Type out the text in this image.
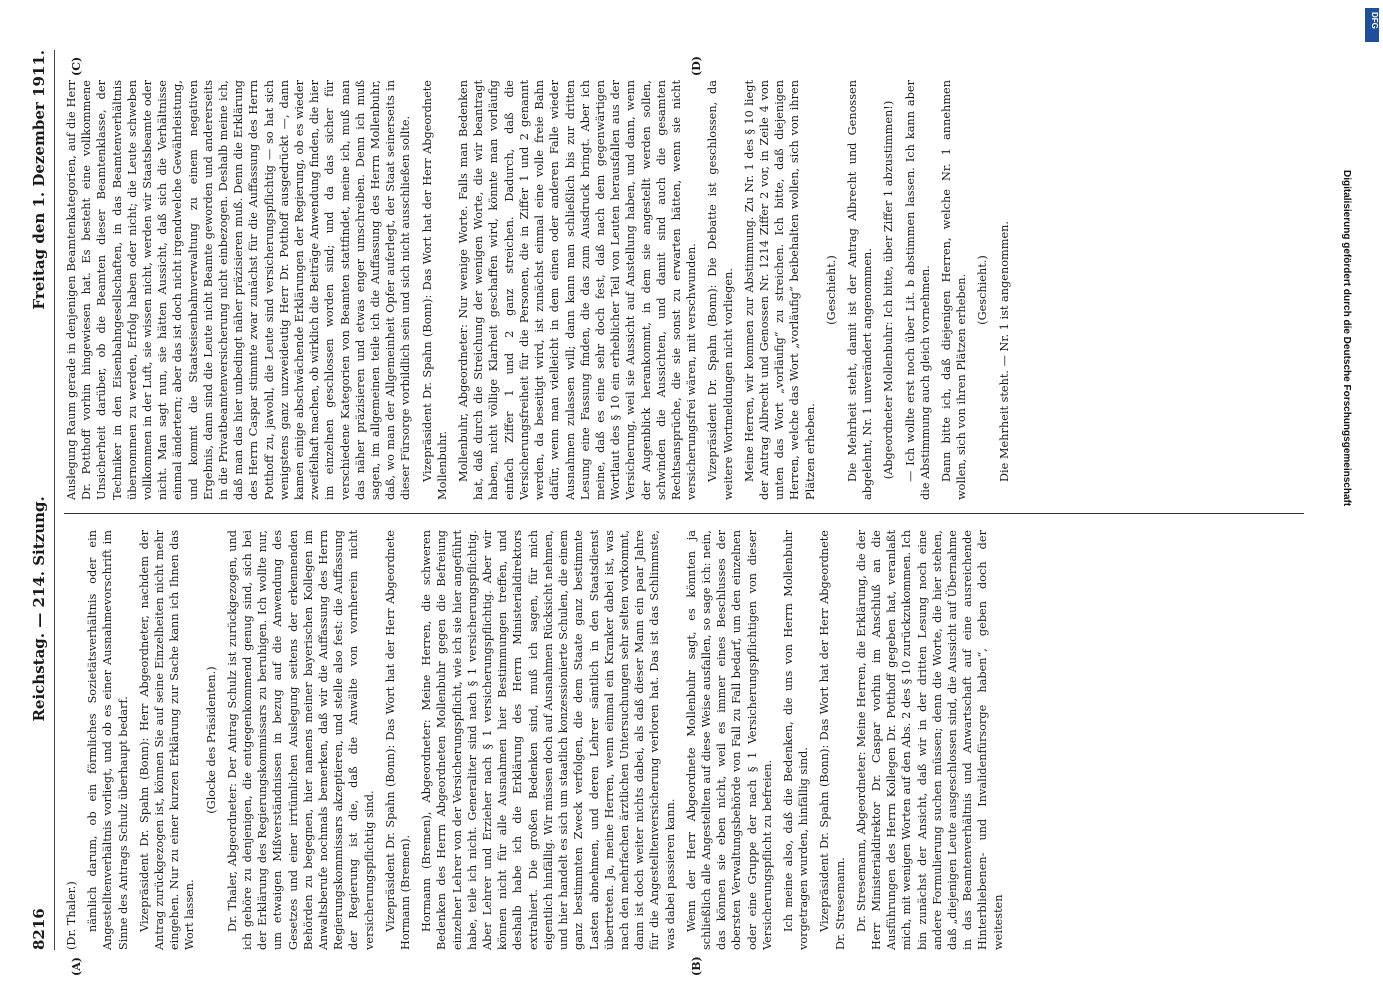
8216
Reichstag. — 214. Sitzung.
Freitag den 1. Dezember 1911.

(Dr. Thaler.) nämlich darum, ob ein förmliches Sozietätsverhältnis oder ein Angestelltenverhältnis vorliegt, und ob es einer Ausnahmevorschrift im Sinne des Antrags Schulz überhaupt bedarf. Vizepräsident Dr. Spahn (Bonn): Herr Abgeordneter, nachdem der Antrag zurückgezogen ist, können Sie auf seine Einzelheiten nicht mehr eingehen. Nur zu einer kurzen Erklärung zur Sache kann ich Ihnen das Wort lassen.

(Glocke des Präsidenten.) Dr. Thaler, Abgeordneter: Der Antrag Schulz ist zurückgezogen, und ich gehöre zu denjenigen, die entgegenkommend genug sind, sich bei der Erklärung des Regierungskommissars zu beruhigen. Ich wollte nur, um etwaigen Mißverständnissen in bezug auf die Anwendung des Gesetzes und einer irrtümlichen Auslegung seitens der erkennenden Behörden zu begegnen, hier namens meiner bayerischen Kollegen im Anwaltsberufe nochmals bemerken, daß wir die Auffassung des Herrn Regierungskommissars akzeptieren, und stelle also fest: die Auffassung der Regierung ist die, daß die Anwälte von vornherein nicht versicherungspflichtig sind. Vizepräsident Dr. Spahn (Bonn): Das Wort hat der Herr Abgeordnete Hormann (Bremen). Hormann (Bremen), Abgeordneter: Meine Herren, die schweren Bedenken des Herrn Abgeordneten Mollenbuhr gegen die Befreiung einzelner Lehrer von der Versicherungspflicht, wie ich sie hier angeführt habe, teile ich nicht. Generaliter sind nach § 1 versicherungspflichtig. Aber Lehrer und Erzieher nach § 1 versicherungspflichtig. Aber wir können nicht für alle Ausnahmen hier Bestimmungen treffen, und deshalb habe ich die Erklärung des Herrn Ministerialdirektors extrahiert. Die großen Bedenken sind, muß ich sagen, für mich eigentlich hinfällig. Wir müssen doch auf Ausnahmen Rücksicht nehmen, und hier handelt es sich um staatlich konzessionierte Schulen, die einem ganz bestimmten Zweck verfolgen, die dem Staate ganz bestimmte Lasten abnehmen, und deren Lehrer sämtlich in den Staatsdienst übertreten. Ja, meine Herren, wenn einmal ein Kranker dabei ist, was nach den mehrfachen ärztlichen Untersuchungen sehr selten vorkommt, dann ist doch weiter nichts dabei, als daß dieser Mann ein paar Jahre für die Angestelltenversicherung verloren hat. Das ist das Schlimmste, was dabei passieren kann. Wenn der Herr Abgeordnete Mollenbuhr sagt, es könnten ja schließlich alle Angestellten auf diese Weise ausfallen, so sage ich: nein, das können sie eben nicht, weil es immer eines Beschlusses der obersten Verwaltungsbehörde von Fall zu Fall bedarf, um den einzelnen oder eine Gruppe der nach § 1 Versicherungspflichtigen von dieser Versicherungspflicht zu befreien. Ich meine also, daß die Bedenken, die uns von Herrn Mollenbuhr vorgetragen wurden, hinfällig sind. Vizepräsident Dr. Spahn (Bonn): Das Wort hat der Herr Abgeordnete Dr. Stresemann. Dr. Stresemann, Abgeordneter: Meine Herren, die Erklärung, die der Herr Ministerialdirektor Dr. Caspar vorhin im Anschluß an die Ausführungen des Herrn Kollegen Dr. Potthoff gegeben hat, veranlaßt mich, mit wenigen Worten auf den Abs. 2 des § 10 zurückzukommen. Ich bin zunächst der Ansicht, daß wir in der dritten Lesung noch eine andere Formulierung suchen müssen; denn die Worte, die hier stehen, daß „diejenigen Leute ausgeschlossen sind, die Aussicht auf Übernahme in das Beamtenverhältnis und Anwartschaft auf eine ausreichende Hinterbliebenen- und Invalidenfürsorge haben“, geben doch der weitesten

Auslegung Raum gerade in denjenigen Beamtenkategorien, auf die Herr Dr. Potthoff vorhin hingewiesen hat. Es besteht eine vollkommene Unsicherheit darüber, ob die Beamten dieser Beamtenklasse, der Techniker in den Eisenbahngesellschaften, in das Beamtenverhältnis übernommen zu werden, Erfolg haben oder nicht; die Leute schweben vollkommen in der Luft, sie wissen nicht, werden wir Staatsbeamte oder nicht. Man sagt nun, sie hätten Aussicht, daß sich die Verhältnisse einmal ändertern; aber das ist doch nicht irgendwelche Gewährleistung, und kommt die Staatseisenbahnverwaltung zu einem negativen Ergebnis, dann sind die Leute nicht Beamte geworden und andererseits in die Privatbeamtenversicherung nicht einbezogen. Deshalb meine ich, daß man das hier unbedingt näher präzisieren muß. Denn die Erklärung des Herrn Caspar stimmte zwar zunächst für die Auffassung des Herrn Potthoff zu, jawohl, die Leute sind versicherungspflichtig — so hat sich wenigstens ganz unzweideutig Herr Dr. Potthoff ausgedrückt —, dann kamen einige abschwächende Erklärungen der Regierung, ob es wieder zweifelhaft machen, ob wirklich die Beiträge Anwendung finden, die hier im einzelnen geschlossen worden sind; und da das sicher für verschiedene Kategorien von Beamten stattfindet, meine ich, muß man das näher präzisieren und etwas enger umschreiben. Denn ich muß sagen, im allgemeinen teile ich die Auffassung des Herrn Mollenbuhr, daß, wo man der Allgemeinheit Opfer auferlegt, der Staat seinerseits in dieser Fürsorge vorbildlich sein und sich nicht ausschließen sollte. Vizepräsident Dr. Spahn (Bonn): Das Wort hat der Herr Abgeordnete Mollenbuhr. Mollenbuhr, Abgeordneter: Nur wenige Worte. Falls man Bedenken hat, daß durch die Streichung der wenigen Worte, die wir beantragt haben, nicht völlige Klarheit geschaffen wird, könnte man vorläufig einfach Ziffer 1 und 2 ganz streichen. Dadurch, daß die Versicherungsfreiheit für die Personen, die in Ziffer 1 und 2 genannt werden, da beseitigt wird, ist zunächst einmal eine volle freie Bahn dafür, wenn man vielleicht in dem einen oder anderen Falle wieder Ausnahmen zulassen will; dann kann man schließlich bis zur dritten Lesung eine Fassung finden, die das zum Ausdruck bringt. Aber ich meine, daß es eine sehr doch fest, daß nach dem gegenwärtigen Wortlaut des § 10 ein erheblicher Teil von Leuten herausfallen aus der Versicherung, weil sie Aussicht auf Anstellung haben, und dann, wenn der Augenblick herankommt, in dem sie angestellt werden sollen, schwinden die Aussichten, und damit sind auch die gesamten Rechtsansprüche, die sie sonst zu erwarten hätten, wenn sie nicht versicherungsfrei wären, mit verschwunden. Vizepräsident Dr. Spahn (Bonn): Die Debatte ist geschlossen, da weitere Wortmeldungen nicht vorliegen. Meine Herren, wir kommen zur Abstimmung. Zu Nr. 1 des § 10 liegt der Antrag Albrecht und Genossen Nr. 1214 Ziffer 2 vor, in Zeile 4 von unten das Wort „vorläufig“ zu streichen. Ich bitte, daß diejenigen Herren, welche das Wort „vorläufig“ beibehalten wollen, sich von ihren Plätzen erheben.

(Geschieht.) Die Mehrheit steht, damit ist der Antrag Albrecht und Genossen abgelehnt, Nr. 1 unverändert angenommen. (Abgeordneter Mollenbuhr: Ich bitte, über Ziffer 1 abzustimmen!) — Ich wollte erst noch über Lit. b abstimmen lassen. Ich kann aber die Abstimmung auch gleich vornehmen. Dann bitte ich, daß diejenigen Herren, welche Nr. 1 annehmen wollen, sich von ihren Plätzen erheben. (Geschieht.) Die Mehrheit steht. — Nr. 1 ist angenommen.

(A)	(B)
(C)	(D)
DFG
Digitalisierung gefördert durch die Deutsche Forschungsgemeinschaft
